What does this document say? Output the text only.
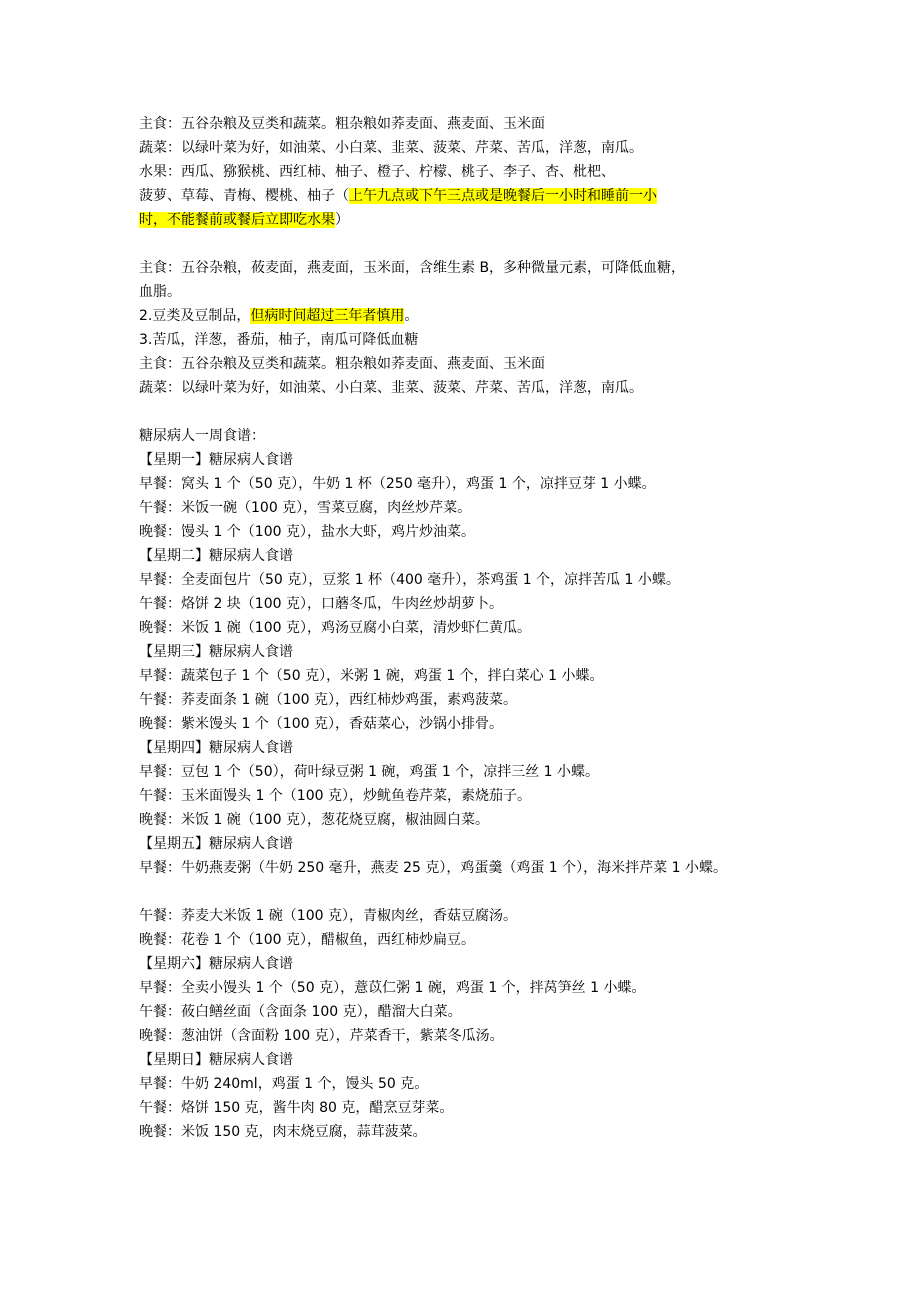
主食：五谷杂粮及豆类和蔬菜。粗杂粮如荞麦面、燕麦面、玉米面
蔬菜：以绿叶菜为好，如油菜、小白菜、韭菜、菠菜、芹菜、苦瓜，洋葱，南瓜。
水果：西瓜、猕猴桃、西红柿、柚子、橙子、柠檬、桃子、李子、杏、枇杷、
菠萝、草莓、青梅、樱桃、柚子（上午九点或下午三点或是晚餐后一小时和睡前一小
时，不能餐前或餐后立即吃水果）
主食：五谷杂粮，莜麦面，燕麦面，玉米面，含维生素 B，多种微量元素，可降低血糖，
血脂。
2.豆类及豆制品，但病时间超过三年者慎用。
3.苦瓜，洋葱，番茄，柚子，南瓜可降低血糖
主食：五谷杂粮及豆类和蔬菜。粗杂粮如荞麦面、燕麦面、玉米面
蔬菜：以绿叶菜为好，如油菜、小白菜、韭菜、菠菜、芹菜、苦瓜，洋葱，南瓜。
糖尿病人一周食谱：
【星期一】糖尿病人食谱
早餐：窝头 1 个（50 克），牛奶 1 杯（250 毫升），鸡蛋 1 个，凉拌豆芽 1 小蝶。
午餐：米饭一碗（100 克），雪菜豆腐，肉丝炒芹菜。
晚餐：馒头 1 个（100 克），盐水大虾，鸡片炒油菜。
【星期二】糖尿病人食谱
早餐：全麦面包片（50 克），豆浆 1 杯（400 毫升），茶鸡蛋 1 个，凉拌苦瓜 1 小蝶。
午餐：烙饼 2 块（100 克），口蘑冬瓜，牛肉丝炒胡萝卜。
晚餐：米饭 1 碗（100 克），鸡汤豆腐小白菜，清炒虾仁黄瓜。
【星期三】糖尿病人食谱
早餐：蔬菜包子 1 个（50 克），米粥 1 碗，鸡蛋 1 个，拌白菜心 1 小蝶。
午餐：荞麦面条 1 碗（100 克），西红柿炒鸡蛋，素鸡菠菜。
晚餐：紫米馒头 1 个（100 克），香菇菜心，沙锅小排骨。
【星期四】糖尿病人食谱
早餐：豆包 1 个（50），荷叶绿豆粥 1 碗，鸡蛋 1 个，凉拌三丝 1 小蝶。
午餐：玉米面馒头 1 个（100 克），炒鱿鱼卷芹菜，素烧茄子。
晚餐：米饭 1 碗（100 克），葱花烧豆腐，椒油圆白菜。
【星期五】糖尿病人食谱
早餐：牛奶燕麦粥（牛奶 250 毫升，燕麦 25 克），鸡蛋羹（鸡蛋 1 个），海米拌芹菜 1 小蝶。
午餐：荞麦大米饭 1 碗（100 克），青椒肉丝，香菇豆腐汤。
晚餐：花卷 1 个（100 克），醋椒鱼，西红柿炒扁豆。
【星期六】糖尿病人食谱
早餐：全卖小馒头 1 个（50 克），薏苡仁粥 1 碗，鸡蛋 1 个，拌莴笋丝 1 小蝶。
午餐：莜白鳝丝面（含面条 100 克），醋溜大白菜。
晚餐：葱油饼（含面粉 100 克），芹菜香干，紫菜冬瓜汤。
【星期日】糖尿病人食谱
早餐：牛奶 240ml，鸡蛋 1 个，馒头 50 克。
午餐：烙饼 150 克，酱牛肉 80 克，醋烹豆芽菜。
晚餐：米饭 150 克，肉末烧豆腐，蒜茸菠菜。
